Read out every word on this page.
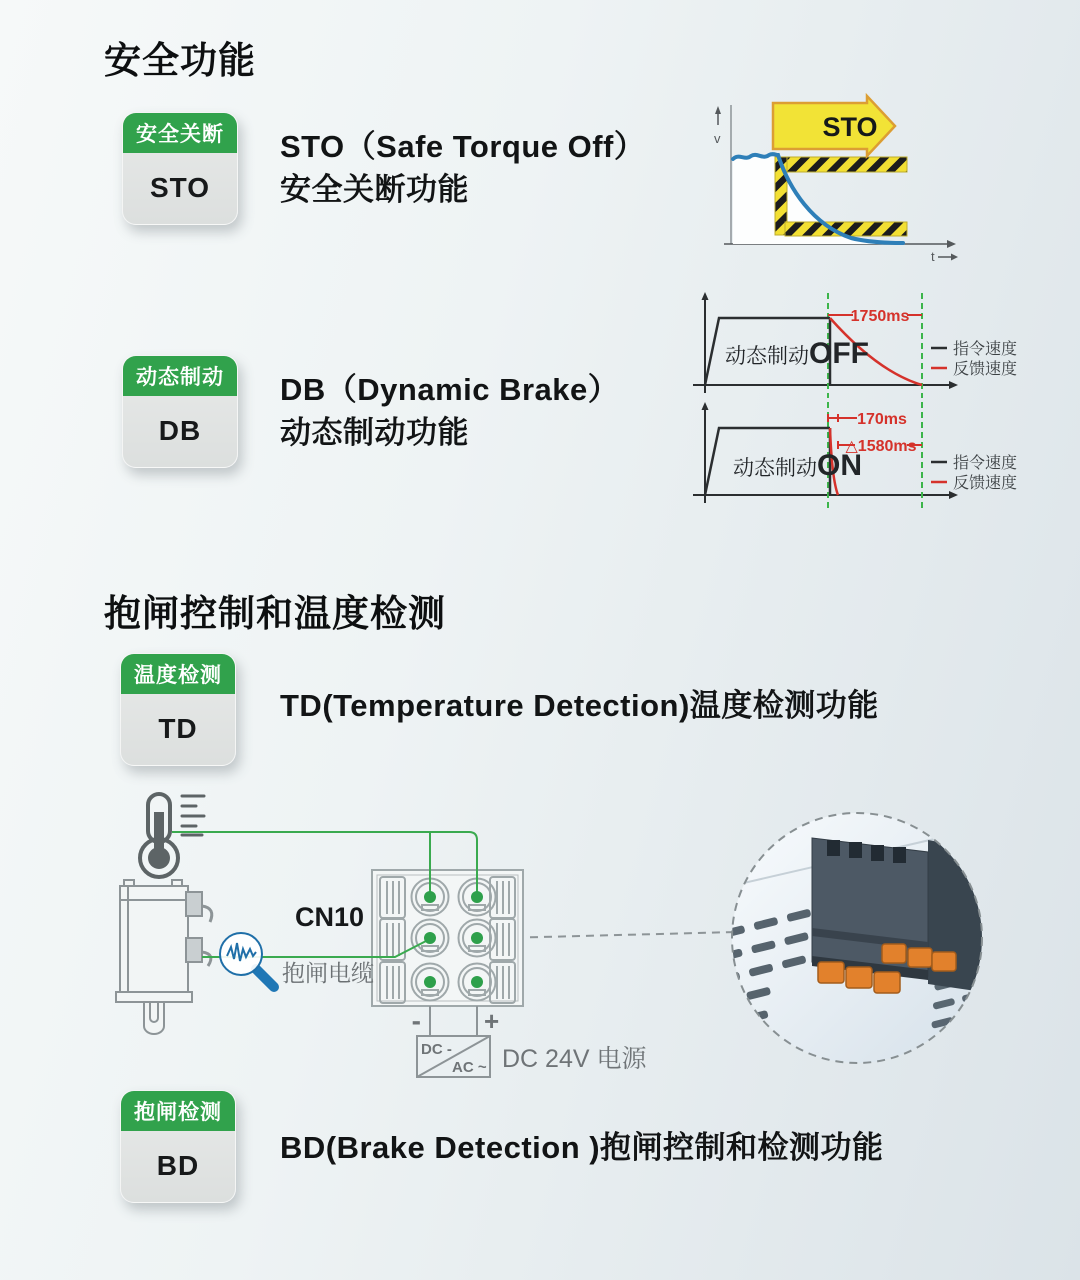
安全功能
安全关断
STO
STO（Safe Torque Off）
安全关断功能
v
t
STO
动态制动
DB
DB（Dynamic Brake）
动态制动功能
1750ms
动态制动OFF	指令速度
反馈速度
170ms
△1580ms
动态制动ON	指令速度
反馈速度
抱闸控制和温度检测
温度检测
TD
TD(Temperature Detection)温度检测功能
CN10
抱闸电缆
- +
DC -
AC ~ DC 24V 电源
抱闸检测
BD
BD(Brake Detection )抱闸控制和检测功能
